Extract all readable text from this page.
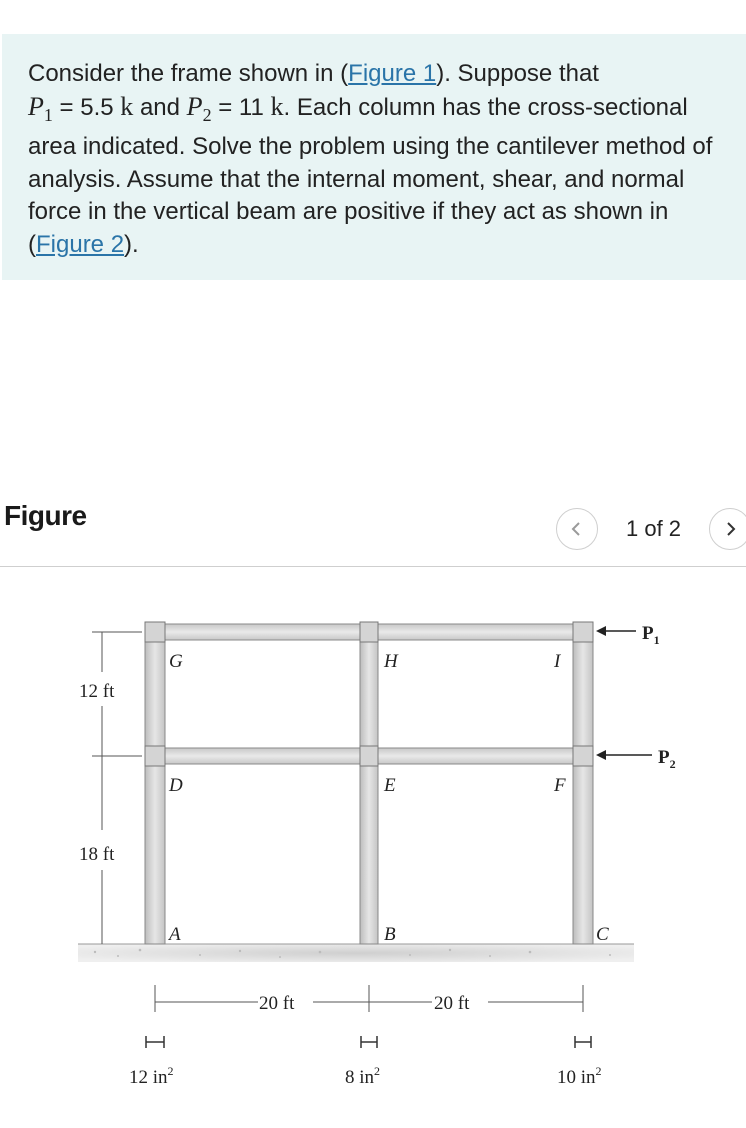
Consider the frame shown in (Figure 1). Suppose that
$P_1 = 5.5$ k and $P_2 = 11$ k. Each column has the cross-sectional area indicated. Solve the problem using the cantilever method of analysis. Assume that the internal moment, shear, and normal force in the vertical beam are positive if they act as shown in (Figure 2).
Figure	1 of 2
G	H	I
D	E	F
A	B	C
$P_1$
$P_2$
12 ft
18 ft
20 ft	20 ft
12 $in^2$	8 $in^2$	10 $in^2$
